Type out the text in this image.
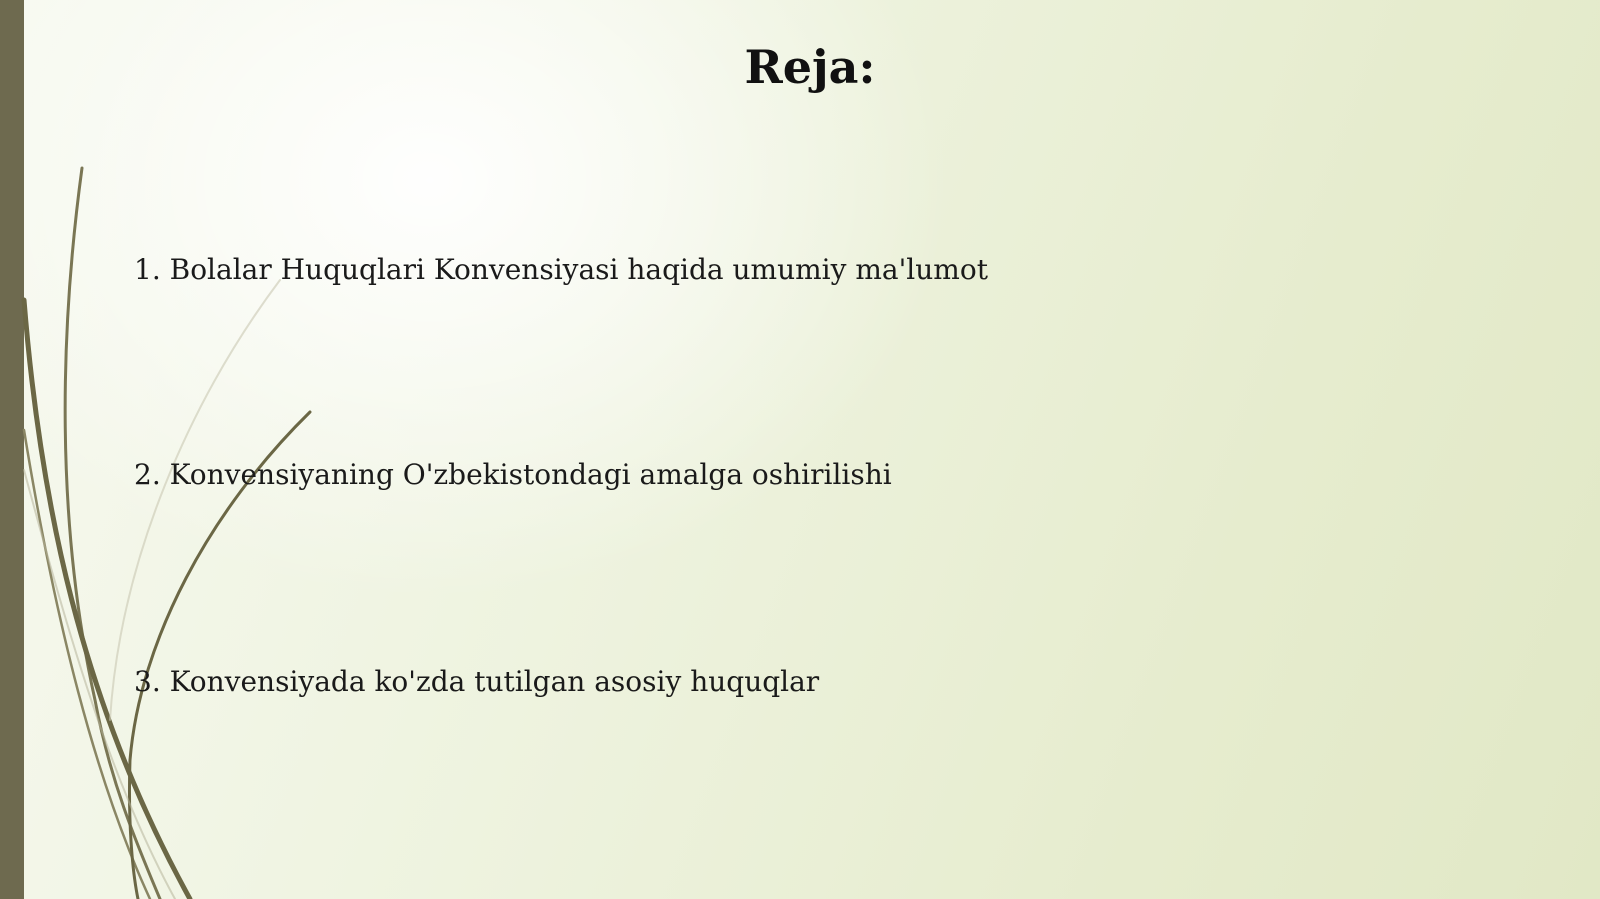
Reja:

1. Bolalar Huquqlari Konvensiyasi haqida umumiy ma'lumot

2. Konvensiyaning O'zbekistondagi amalga oshirilishi

3. Konvensiyada ko'zda tutilgan asosiy huquqlar
